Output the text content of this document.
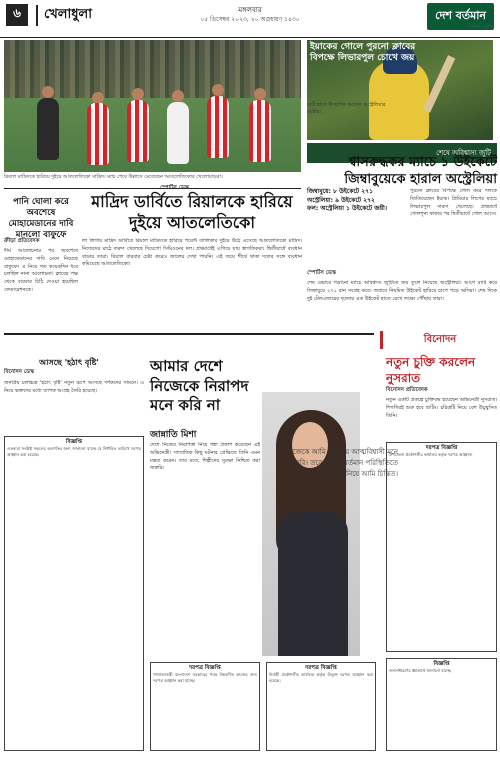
৬	খেলাধুলা	মঙ্গলবার
০৫ ডিসেম্বর ২০২৩, ২০ অগ্রহায়ণ ১৪৩০	দেশ বর্তমান
সত্যের প্রকাশ
রিয়াল মাদ্রিদকে হারিয়ে দুইয়ে আতলেতিকো মাদ্রিদ। ম্যাচ শেষে উল্লাসে মেতেছেন আতলেতিকোর খেলোয়াড়রা।
পানি ঘোলা করে অবশেষে মোহামেডানের দাবি মানলো বাফুফে
ক্রীড়া প্রতিবেদক
দীর্ঘ আলোচনার পর অবশেষে মোহামেডানের দাবি মেনে নিয়েছে বাফুফে। এ নিয়ে গত কয়েকদিন ধরে চলছিল নানা আলোচনা। ক্লাবের পক্ষ থেকে বারবার চিঠি দেওয়া হয়েছিল ফেডারেশনকে।
মাদ্রিদ ডার্বিতে রিয়ালকে হারিয়ে দুইয়ে আতলেতিকো
স্পোর্টস ডেস্ক
লা লিগায় মাদ্রিদ ডার্বিতে রিয়াল মাদ্রিদকে হারিয়ে পয়েন্ট তালিকার দুইয়ে উঠে এসেছে আতলেতিকো মাদ্রিদ। নিজেদের মাঠে দারুণ খেলেছে দিয়েগো সিমিওনের দল। প্রথমার্ধেই এগিয়ে যায় স্বাগতিকরা। দ্বিতীয়ার্ধে ব্যবধান বাড়ায় তারা। রিয়াল বারবার চেষ্টা করেও জালের দেখা পায়নি। এই জয়ে শীর্ষে থাকা দলের সঙ্গে ব্যবধান কমিয়েছে আতলেতিকো।
ইয়াকের গোলে পুরনো ক্লাবের বিপক্ষে লিভারপুল চোখে জয়
ব্যাট হাতে উদযাপন করছেন অস্ট্রেলিয়ার ব্যাটার।
শেষে অবিশ্বাস্য জুটি
শ্বাসরুদ্ধকর ম্যাচে ১ উইকেটে জিম্বাবুয়েকে হারাল অস্ট্রেলিয়া
জিম্বাবুয়ে: ৮ উইকেটে ২৭১
অস্ট্রেলিয়া: ৯ উইকেটে ২৭২
ফল: অস্ট্রেলিয়া ১ উইকেটে জয়ী।
স্পোর্টস ডেস্ক
শেষ ওভারে গড়ানো ম্যাচে অবিশ্বাস্য জুটিতে জয় তুলে নিয়েছে অস্ট্রেলিয়া। আগে ব্যাট করে জিম্বাবুয়ে ২৭১ রান সংগ্রহ করে। জবাবে নিয়মিত উইকেট হারিয়ে চাপে পড়ে অসিরা। শেষ দিকে দুই টেলএন্ডারের দৃঢ়তায় এক উইকেট হাতে রেখে লক্ষ্যে পৌঁছায় তারা।
পুরনো ক্লাবের বিপক্ষে গোল করে দলকে জিতিয়েছেন ইয়াক। প্রিমিয়ার লিগের ম্যাচে লিভারপুল দারুণ খেলেছে। প্রথমার্ধে গোলশূন্য থাকার পর দ্বিতীয়ার্ধে গোল আসে।
বিনোদন
আসছে 'হঠাৎ বৃষ্টি'
বিনোদন ডেস্ক
জনপ্রিয় চলচ্চিত্র 'হঠাৎ বৃষ্টি' নতুন রূপে আসছে দর্শকদের সামনে। এ নিয়ে ভক্তদের মধ্যে ব্যাপক আগ্রহ তৈরি হয়েছে।
আমার দেশে নিজেকে নিরাপদ মনে করি না
জান্নাতি মিশা
দেশে নিজের নিরাপত্তা নিয়ে শঙ্কা প্রকাশ করেছেন এই অভিনেত্রী। সাম্প্রতিক কিছু ঘটনার প্রেক্ষিতে তিনি এমন মন্তব্য করেন। তার মতে, শিল্পীদের সুরক্ষা নিশ্চিত করা জরুরি।
নিজেকে আমি সবসময় আত্মবিশ্বাসী মনে করি। তবে দেশের বর্তমান পরিস্থিতিতে নিরাপত্তা নিয়ে আমি চিন্তিত।
নতুন চুক্তি করলেন নুসরাত
বিনোদন প্রতিবেদক
নতুন একটি প্রকল্পে চুক্তিবদ্ধ হয়েছেন অভিনেত্রী নুসরাত। শিগগিরই শুরু হবে শুটিং। চরিত্রটি নিয়ে বেশ উচ্ছ্বসিত তিনি।
বিজ্ঞপ্তি
এতদ্বারা সংশ্লিষ্ট সকলের অবগতির জন্য জানানো যাচ্ছে যে নির্ধারিত তারিখে দরপত্র আহ্বান করা হয়েছে।
দরপত্র বিজ্ঞপ্তি
গণপ্রজাতন্ত্রী বাংলাদেশ সরকারের পক্ষে নিম্নবর্ণিত কাজের জন্য দরপত্র আহ্বান করা যাচ্ছে।
দরপত্র বিজ্ঞপ্তি
নির্বাহী প্রকৌশলীর কার্যালয় কর্তৃক উন্মুক্ত দরপত্র আহ্বান করা হয়েছে।
দরপত্র বিজ্ঞপ্তি
উপজেলা প্রকৌশলীর কার্যালয় কর্তৃক দরপত্র আহ্বান।
বিজ্ঞপ্তি
জনসাধারণের জ্ঞাতার্থে জানানো যাচ্ছে।
